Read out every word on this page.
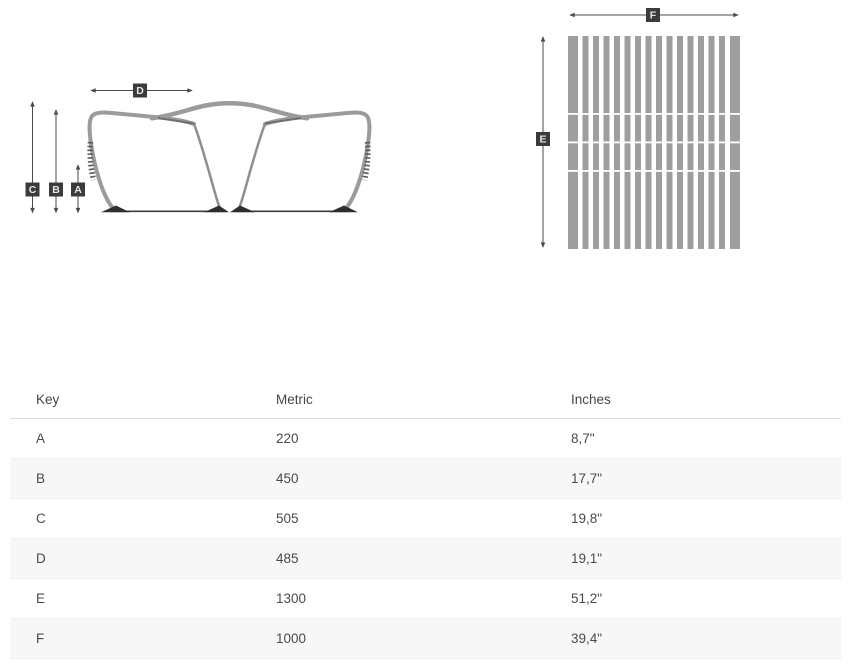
D
C B A
F
E
Key	Metric	Inches
A	220	8,7"
B	450	17,7"
C	505	19,8"
D	485	19,1"
E	1300	51,2"
F	1000	39,4"
